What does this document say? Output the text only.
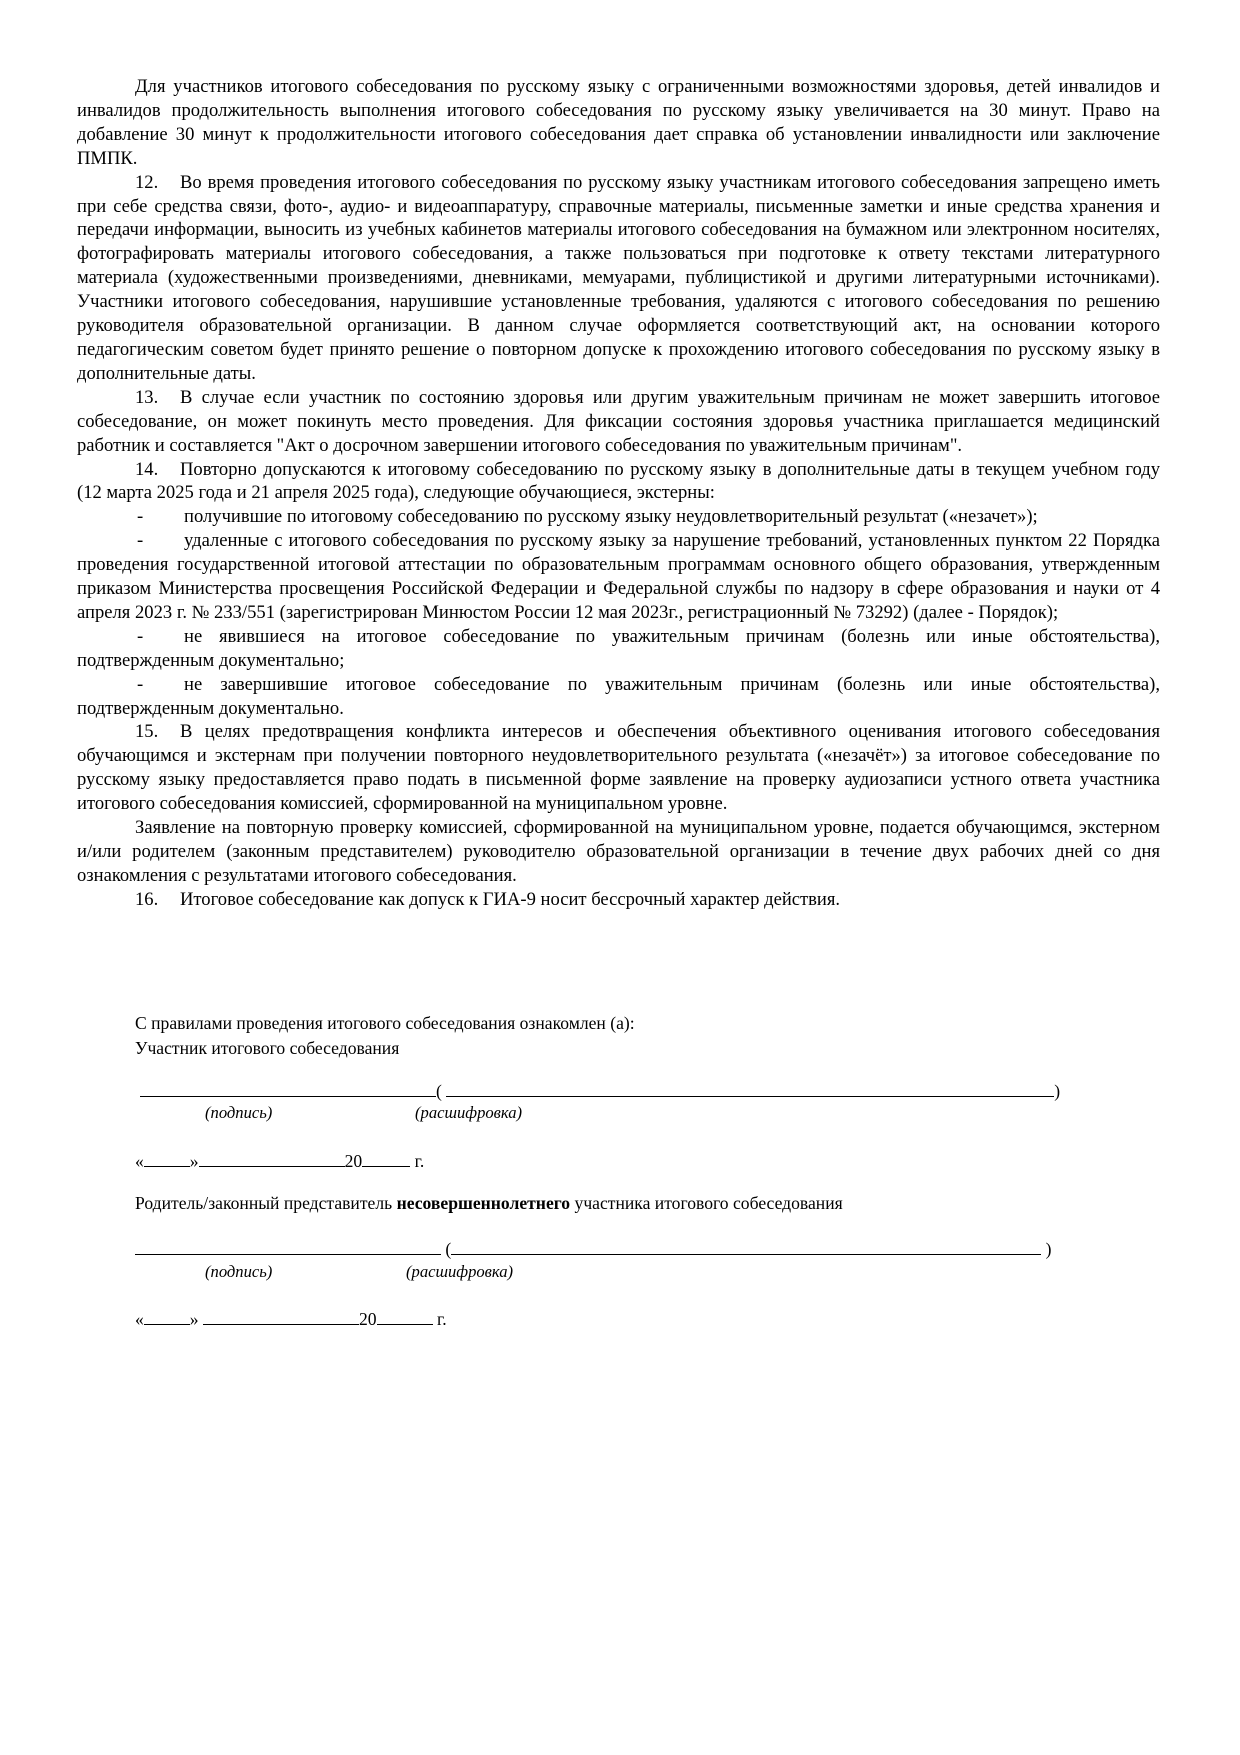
Для участников итогового собеседования по русскому языку с ограниченными возможностями здоровья, детей инвалидов и инвалидов продолжительность выполнения итогового собеседования по русскому языку увеличивается на 30 минут. Право на добавление 30 минут к продолжительности итогового собеседования дает справка об установлении инвалидности или заключение ПМПК.

12. Во время проведения итогового собеседования по русскому языку участникам итогового собеседования запрещено иметь при себе средства связи, фото-, аудио- и видеоаппаратуру, справочные материалы, письменные заметки и иные средства хранения и передачи информации, выносить из учебных кабинетов материалы итогового собеседования на бумажном или электронном носителях, фотографировать материалы итогового собеседования, а также пользоваться при подготовке к ответу текстами литературного материала (художественными произведениями, дневниками, мемуарами, публицистикой и другими литературными источниками). Участники итогового собеседования, нарушившие установленные требования, удаляются с итогового собеседования по решению руководителя образовательной организации. В данном случае оформляется соответствующий акт, на основании которого педагогическим советом будет принято решение о повторном допуске к прохождению итогового собеседования по русскому языку в дополнительные даты.

13. В случае если участник по состоянию здоровья или другим уважительным причинам не может завершить итоговое собеседование, он может покинуть место проведения. Для фиксации состояния здоровья участника приглашается медицинский работник и составляется "Акт о досрочном завершении итогового собеседования по уважительным причинам".

14. Повторно допускаются к итоговому собеседованию по русскому языку в дополнительные даты в текущем учебном году (12 марта 2025 года и 21 апреля 2025 года), следующие обучающиеся, экстерны:

- получившие по итоговому собеседованию по русскому языку неудовлетворительный результат («незачет»);

- удаленные с итогового собеседования по русскому языку за нарушение требований, установленных пунктом 22 Порядка проведения государственной итоговой аттестации по образовательным программам основного общего образования, утвержденным приказом Министерства просвещения Российской Федерации и Федеральной службы по надзору в сфере образования и науки от 4 апреля 2023 г. № 233/551 (зарегистрирован Минюстом России 12 мая 2023г., регистрационный № 73292) (далее - Порядок);

- не явившиеся на итоговое собеседование по уважительным причинам (болезнь или иные обстоятельства), подтвержденным документально;

- не завершившие итоговое собеседование по уважительным причинам (болезнь или иные обстоятельства), подтвержденным документально.

15. В целях предотвращения конфликта интересов и обеспечения объективного оценивания итогового собеседования обучающимся и экстернам при получении повторного неудовлетворительного результата («незачёт») за итоговое собеседование по русскому языку предоставляется право подать в письменной форме заявление на проверку аудиозаписи устного ответа участника итогового собеседования комиссией, сформированной на муниципальном уровне.

Заявление на повторную проверку комиссией, сформированной на муниципальном уровне, подается обучающимся, экстерном и/или родителем (законным представителем) руководителю образовательной организации в течение двух рабочих дней со дня ознакомления с результатами итогового собеседования.

16. Итоговое собеседование как допуск к ГИА-9 носит бессрочный характер действия.

С правилами проведения итогового собеседования ознакомлен (а):
Участник итогового собеседования
(	)
(подпись)	(расшифровка)
«	»	20	г.
Родитель/законный представитель несовершеннолетнего участника итогового собеседования
(	)
(подпись)	(расшифровка)
«	»	20	г.
